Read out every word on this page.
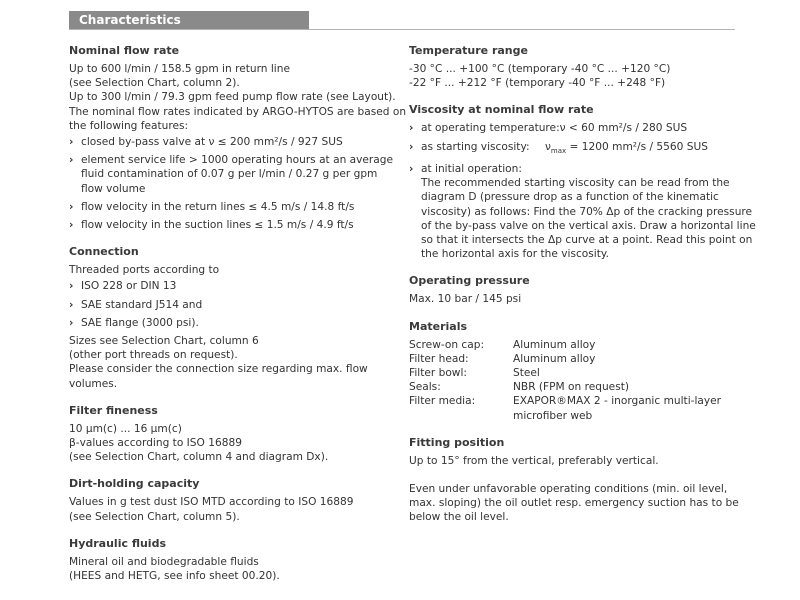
Characteristics
Nominal flow rate
Up to 600 l/min / 158.5 gpm in return line
(see Selection Chart, column 2).
Up to 300 l/min / 79.3 gpm feed pump flow rate (see Layout).
The nominal flow rates indicated by ARGO-HYTOS are based on
the following features:
› closed by-pass valve at ν ≤ 200 mm²/s / 927 SUS
› element service life > 1000 operating hours at an average
fluid contamination of 0.07 g per l/min / 0.27 g per gpm
flow volume
› flow velocity in the return lines ≤ 4.5 m/s / 14.8 ft/s
› flow velocity in the suction lines ≤ 1.5 m/s / 4.9 ft/s
Connection
Threaded ports according to
› ISO 228 or DIN 13
› SAE standard J514 and
› SAE flange (3000 psi).
Sizes see Selection Chart, column 6
(other port threads on request).
Please consider the connection size regarding max. flow
volumes.
Filter fineness
10 µm(c) ... 16 µm(c)
β-values according to ISO 16889
(see Selection Chart, column 4 and diagram Dx).
Dirt-holding capacity
Values in g test dust ISO MTD according to ISO 16889
(see Selection Chart, column 5).
Hydraulic fluids
Mineral oil and biodegradable fluids
(HEES and HETG, see info sheet 00.20).
Temperature range
-30 °C ... +100 °C (temporary -40 °C ... +120 °C)
-22 °F ... +212 °F (temporary -40 °F ... +248 °F)
Viscosity at nominal flow rate
› at operating temperature:ν < 60 mm²/s / 280 SUS
› as starting viscosity: $\nu_{max} = 1200$ mm²/s / 5560 SUS
› at initial operation:
The recommended starting viscosity can be read from the
diagram D (pressure drop as a function of the kinematic
viscosity) as follows: Find the 70% Δp of the cracking pressure
of the by-pass valve on the vertical axis. Draw a horizontal line
so that it intersects the Δp curve at a point. Read this point on
the horizontal axis for the viscosity.
Operating pressure
Max. 10 bar / 145 psi
Materials
Screw-on cap:	Aluminum alloy
Filter head:	Aluminum alloy
Filter bowl:	Steel
Seals:	NBR (FPM on request)
Filter media:	EXAPOR®MAX 2 - inorganic multi-layer
microfiber web
Fitting position
Up to 15° from the vertical, preferably vertical.
Even under unfavorable operating conditions (min. oil level,
max. sloping) the oil outlet resp. emergency suction has to be
below the oil level.
